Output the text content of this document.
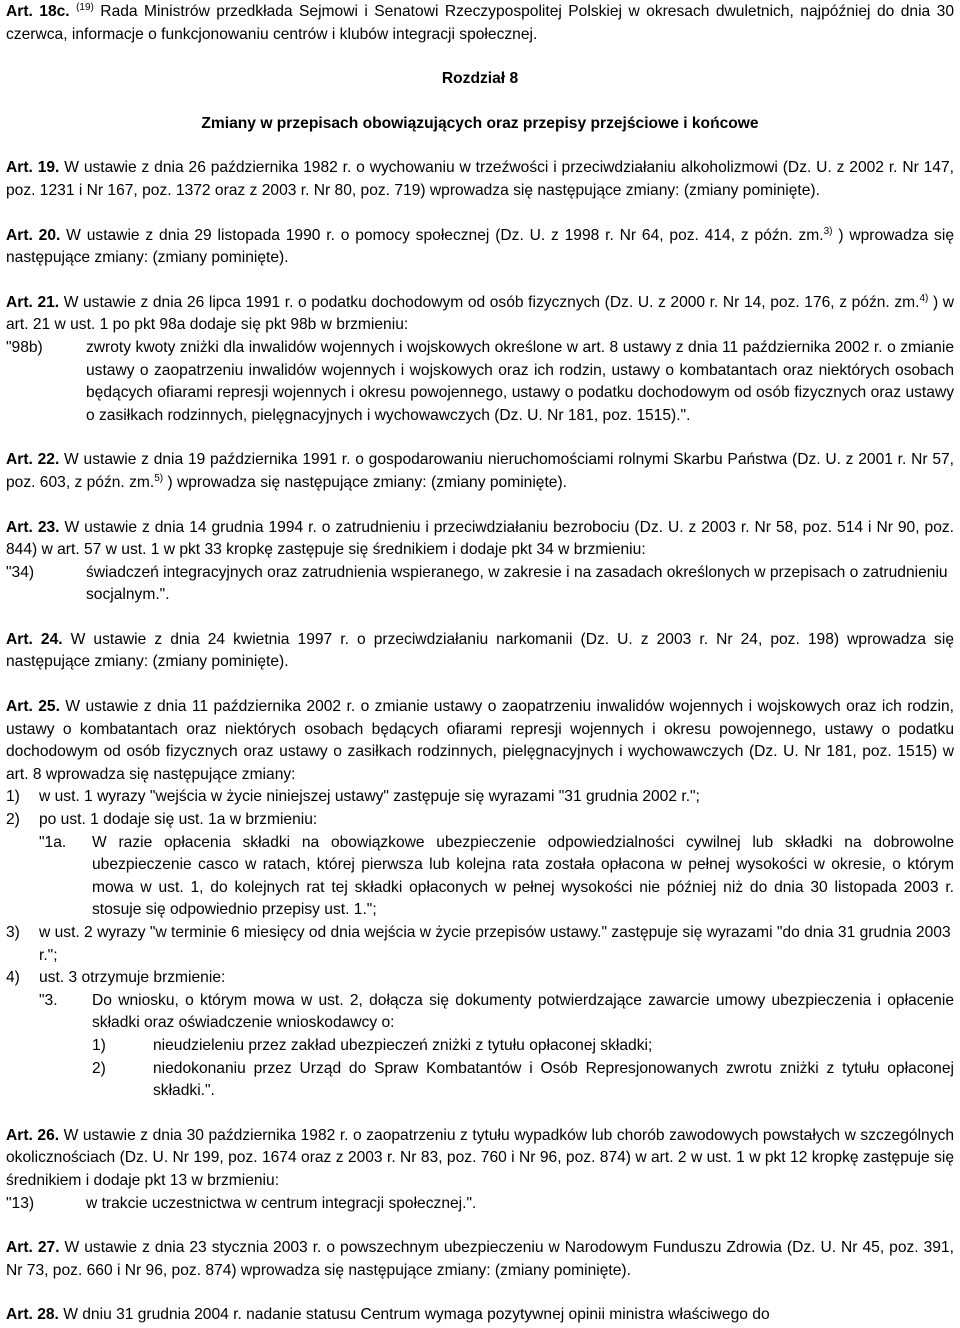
Art. 18c. $^{(19)}$ Rada Ministrów przedkłada Sejmowi i Senatowi Rzeczypospolitej Polskiej w okresach dwuletnich, najpóźniej do dnia 30 czerwca, informacje o funkcjonowaniu centrów i klubów integracji społecznej.

Rozdział 8

Zmiany w przepisach obowiązujących oraz przepisy przejściowe i końcowe

Art. 19. W ustawie z dnia 26 października 1982 r. o wychowaniu w trzeźwości i przeciwdziałaniu alkoholizmowi (Dz. U. z 2002 r. Nr 147, poz. 1231 i Nr 167, poz. 1372 oraz z 2003 r. Nr 80, poz. 719) wprowadza się następujące zmiany: (zmiany pominięte).

Art. 20. W ustawie z dnia 29 listopada 1990 r. o pomocy społecznej (Dz. U. z 1998 r. Nr 64, poz. 414, z późn. zm.$^{3)}$ ) wprowadza się następujące zmiany: (zmiany pominięte).

Art. 21. W ustawie z dnia 26 lipca 1991 r. o podatku dochodowym od osób fizycznych (Dz. U. z 2000 r. Nr 14, poz. 176, z późn. zm.$^{4)}$ ) w art. 21 w ust. 1 po pkt 98a dodaje się pkt 98b w brzmieniu:

"98b)	zwroty kwoty zniżki dla inwalidów wojennych i wojskowych określone w art. 8 ustawy z dnia 11 października 2002 r. o zmianie ustawy o zaopatrzeniu inwalidów wojennych i wojskowych oraz ich rodzin, ustawy o kombatantach oraz niektórych osobach będących ofiarami represji wojennych i okresu powojennego, ustawy o podatku dochodowym od osób fizycznych oraz ustawy o zasiłkach rodzinnych, pielęgnacyjnych i wychowawczych (Dz. U. Nr 181, poz. 1515).".

Art. 22. W ustawie z dnia 19 października 1991 r. o gospodarowaniu nieruchomościami rolnymi Skarbu Państwa (Dz. U. z 2001 r. Nr 57, poz. 603, z późn. zm.$^{5)}$ ) wprowadza się następujące zmiany: (zmiany pominięte).

Art. 23. W ustawie z dnia 14 grudnia 1994 r. o zatrudnieniu i przeciwdziałaniu bezrobociu (Dz. U. z 2003 r. Nr 58, poz. 514 i Nr 90, poz. 844) w art. 57 w ust. 1 w pkt 33 kropkę zastępuje się średnikiem i dodaje pkt 34 w brzmieniu:

"34)	świadczeń integracyjnych oraz zatrudnienia wspieranego, w zakresie i na zasadach określonych w przepisach o zatrudnieniu socjalnym.".

Art. 24. W ustawie z dnia 24 kwietnia 1997 r. o przeciwdziałaniu narkomanii (Dz. U. z 2003 r. Nr 24, poz. 198) wprowadza się następujące zmiany: (zmiany pominięte).

Art. 25. W ustawie z dnia 11 października 2002 r. o zmianie ustawy o zaopatrzeniu inwalidów wojennych i wojskowych oraz ich rodzin, ustawy o kombatantach oraz niektórych osobach będących ofiarami represji wojennych i okresu powojennego, ustawy o podatku dochodowym od osób fizycznych oraz ustawy o zasiłkach rodzinnych, pielęgnacyjnych i wychowawczych (Dz. U. Nr 181, poz. 1515) w art. 8 wprowadza się następujące zmiany:

1) w ust. 1 wyrazy "wejścia w życie niniejszej ustawy" zastępuje się wyrazami "31 grudnia 2002 r.";
2) po ust. 1 dodaje się ust. 1a w brzmieniu:
"1a. W razie opłacenia składki na obowiązkowe ubezpieczenie odpowiedzialności cywilnej lub składki na dobrowolne ubezpieczenie casco w ratach, której pierwsza lub kolejna rata została opłacona w pełnej wysokości w okresie, o którym mowa w ust. 1, do kolejnych rat tej składki opłaconych w pełnej wysokości nie później niż do dnia 30 listopada 2003 r. stosuje się odpowiednio przepisy ust. 1.";
3) w ust. 2 wyrazy "w terminie 6 miesięcy od dnia wejścia w życie przepisów ustawy." zastępuje się wyrazami "do dnia 31 grudnia 2003 r.";
4) ust. 3 otrzymuje brzmienie:
"3. Do wniosku, o którym mowa w ust. 2, dołącza się dokumenty potwierdzające zawarcie umowy ubezpieczenia i opłacenie składki oraz oświadczenie wnioskodawcy o:
1)	nieudzieleniu przez zakład ubezpieczeń zniżki z tytułu opłaconej składki;
2)	niedokonaniu przez Urząd do Spraw Kombatantów i Osób Represjonowanych zwrotu zniżki z tytułu opłaconej składki.".

Art. 26. W ustawie z dnia 30 października 1982 r. o zaopatrzeniu z tytułu wypadków lub chorób zawodowych powstałych w szczególnych okolicznościach (Dz. U. Nr 199, poz. 1674 oraz z 2003 r. Nr 83, poz. 760 i Nr 96, poz. 874) w art. 2 w ust. 1 w pkt 12 kropkę zastępuje się średnikiem i dodaje pkt 13 w brzmieniu:

"13)	w trakcie uczestnictwa w centrum integracji społecznej.".

Art. 27. W ustawie z dnia 23 stycznia 2003 r. o powszechnym ubezpieczeniu w Narodowym Funduszu Zdrowia (Dz. U. Nr 45, poz. 391, Nr 73, poz. 660 i Nr 96, poz. 874) wprowadza się następujące zmiany: (zmiany pominięte).

Art. 28. W dniu 31 grudnia 2004 r. nadanie statusu Centrum wymaga pozytywnej opinii ministra właściwego do
